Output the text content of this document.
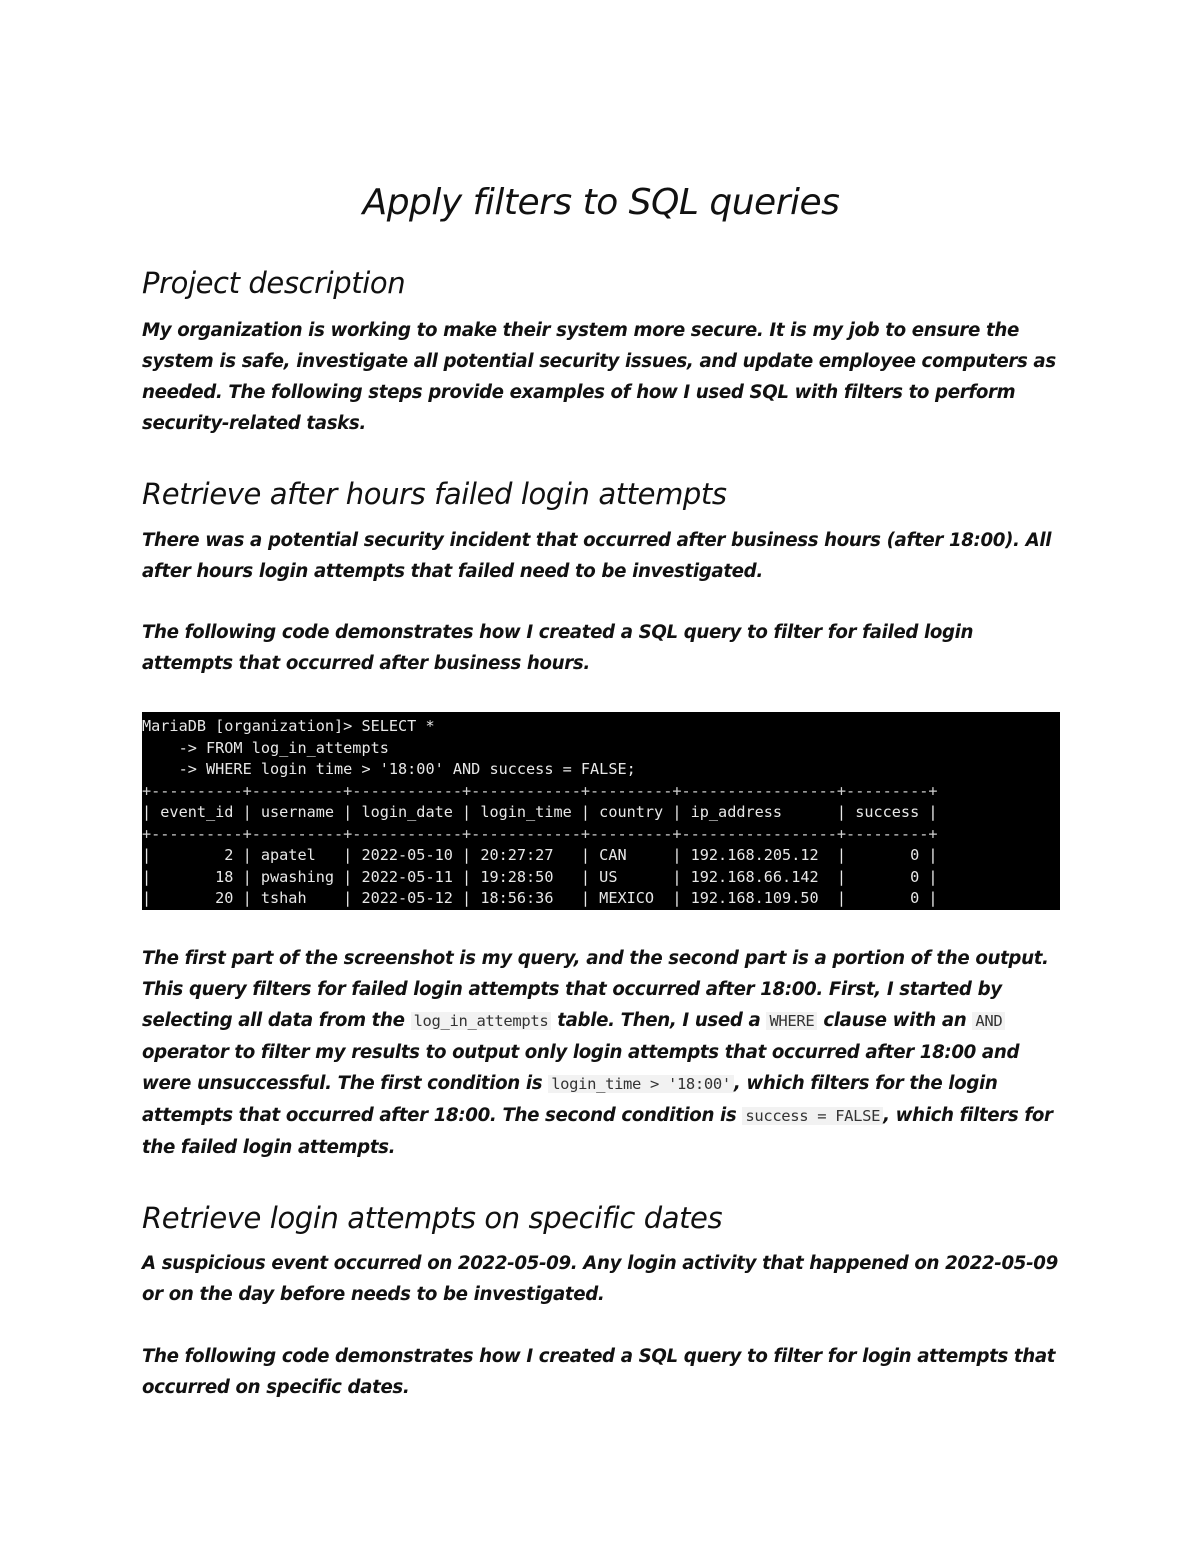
Apply filters to SQL queries
Project description

My organization is working to make their system more secure. It is my job to ensure the system is safe, investigate all potential security issues, and update employee computers as needed. The following steps provide examples of how I used SQL with filters to perform security-related tasks.

Retrieve after hours failed login attempts

There was a potential security incident that occurred after business hours (after 18:00). All after hours login attempts that failed need to be investigated.

The following code demonstrates how I created a SQL query to filter for failed login attempts that occurred after business hours.

MariaDB [organization]> SELECT *
-> FROM log_in_attempts
-> WHERE login time > '18:00' AND success = FALSE;
+----------+----------+------------+------------+---------+-----------------+---------+
| event_id | username | login_date | login_time | country | ip_address      | success |
+----------+----------+------------+------------+---------+-----------------+---------+
|        2 | apatel   | 2022-05-10 | 20:27:27   | CAN     | 192.168.205.12  |       0 |
|       18 | pwashing | 2022-05-11 | 19:28:50   | US      | 192.168.66.142  |       0 |
|       20 | tshah    | 2022-05-12 | 18:56:36   | MEXICO  | 192.168.109.50  |       0 |

The first part of the screenshot is my query, and the second part is a portion of the output. This query filters for failed login attempts that occurred after 18:00. First, I started by selecting all data from the log_in_attempts table. Then, I used a WHERE clause with an AND operator to filter my results to output only login attempts that occurred after 18:00 and were unsuccessful. The first condition is login_time > '18:00' , which filters for the login attempts that occurred after 18:00. The second condition is success = FALSE , which filters for the failed login attempts.

Retrieve login attempts on specific dates

A suspicious event occurred on 2022-05-09. Any login activity that happened on 2022-05-09 or on the day before needs to be investigated.

The following code demonstrates how I created a SQL query to filter for login attempts that occurred on specific dates.
